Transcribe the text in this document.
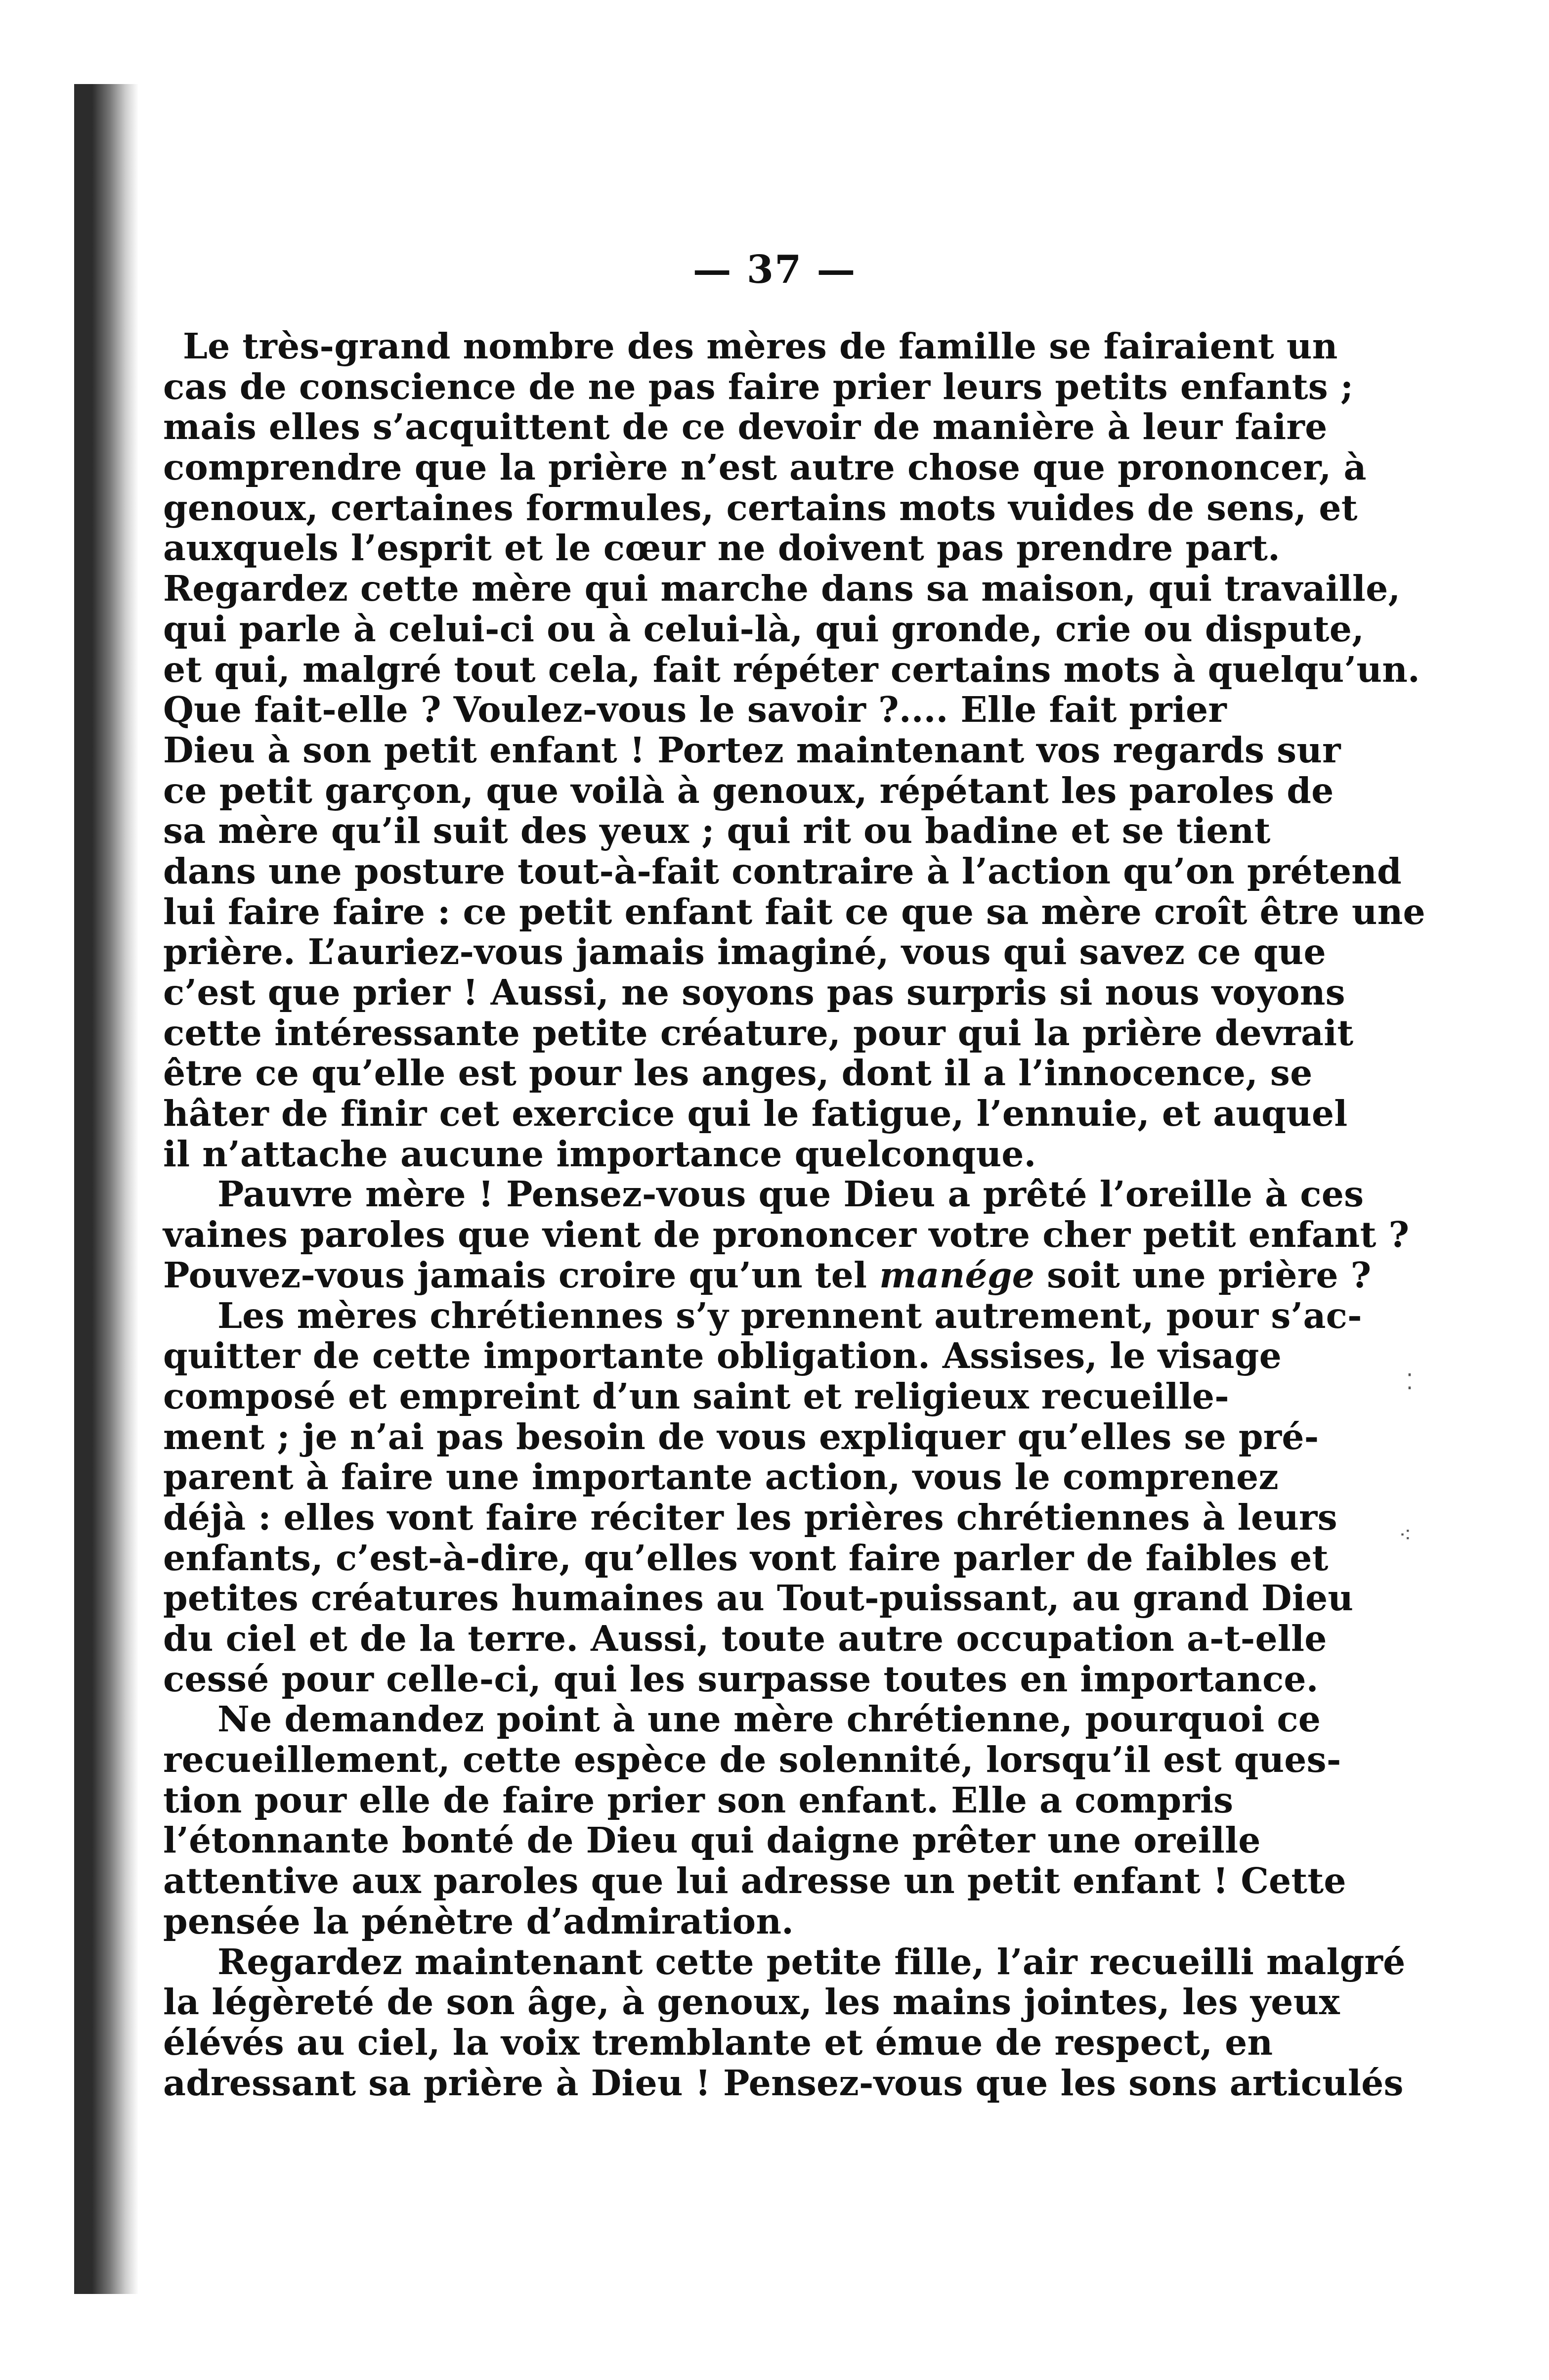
— 37 —
Le très-grand nombre des mères de famille se fairaient un
cas de conscience de ne pas faire prier leurs petits enfants ;
mais elles s’acquittent de ce devoir de manière à leur faire
comprendre que la prière n’est autre chose que prononcer, à
genoux, certaines formules, certains mots vuides de sens, et
auxquels l’esprit et le cœur ne doivent pas prendre part.
Regardez cette mère qui marche dans sa maison, qui travaille,
qui parle à celui-ci ou à celui-là, qui gronde, crie ou dispute,
et qui, malgré tout cela, fait répéter certains mots à quelqu’un.
Que fait-elle ? Voulez-vous le savoir ?.... Elle fait prier
Dieu à son petit enfant ! Portez maintenant vos regards sur
ce petit garçon, que voilà à genoux, répétant les paroles de
sa mère qu’il suit des yeux ; qui rit ou badine et se tient
dans une posture tout-à-fait contraire à l’action qu’on prétend
lui faire faire : ce petit enfant fait ce que sa mère croît être une
prière. L’auriez-vous jamais imaginé, vous qui savez ce que
c’est que prier ! Aussi, ne soyons pas surpris si nous voyons
cette intéressante petite créature, pour qui la prière devrait
être ce qu’elle est pour les anges, dont il a l’innocence, se
hâter de finir cet exercice qui le fatigue, l’ennuie, et auquel
il n’attache aucune importance quelconque.
Pauvre mère ! Pensez-vous que Dieu a prêté l’oreille à ces
vaines paroles que vient de prononcer votre cher petit enfant ?
Pouvez-vous jamais croire qu’un tel manége soit une prière ?
Les mères chrétiennes s’y prennent autrement, pour s’ac-
quitter de cette importante obligation. Assises, le visage
composé et empreint d’un saint et religieux recueille-
ment ; je n’ai pas besoin de vous expliquer qu’elles se pré-
parent à faire une importante action, vous le comprenez
déjà : elles vont faire réciter les prières chrétiennes à leurs
enfants, c’est-à-dire, qu’elles vont faire parler de faibles et
petites créatures humaines au Tout-puissant, au grand Dieu
du ciel et de la terre. Aussi, toute autre occupation a-t-elle
cessé pour celle-ci, qui les surpasse toutes en importance.
Ne demandez point à une mère chrétienne, pourquoi ce
recueillement, cette espèce de solennité, lorsqu’il est ques-
tion pour elle de faire prier son enfant. Elle a compris
l’étonnante bonté de Dieu qui daigne prêter une oreille
attentive aux paroles que lui adresse un petit enfant ! Cette
pensée la pénètre d’admiration.
Regardez maintenant cette petite fille, l’air recueilli malgré
la légèreté de son âge, à genoux, les mains jointes, les yeux
élévés au ciel, la voix tremblante et émue de respect, en
adressant sa prière à Dieu ! Pensez-vous que les sons articulés
⁚
⁖
